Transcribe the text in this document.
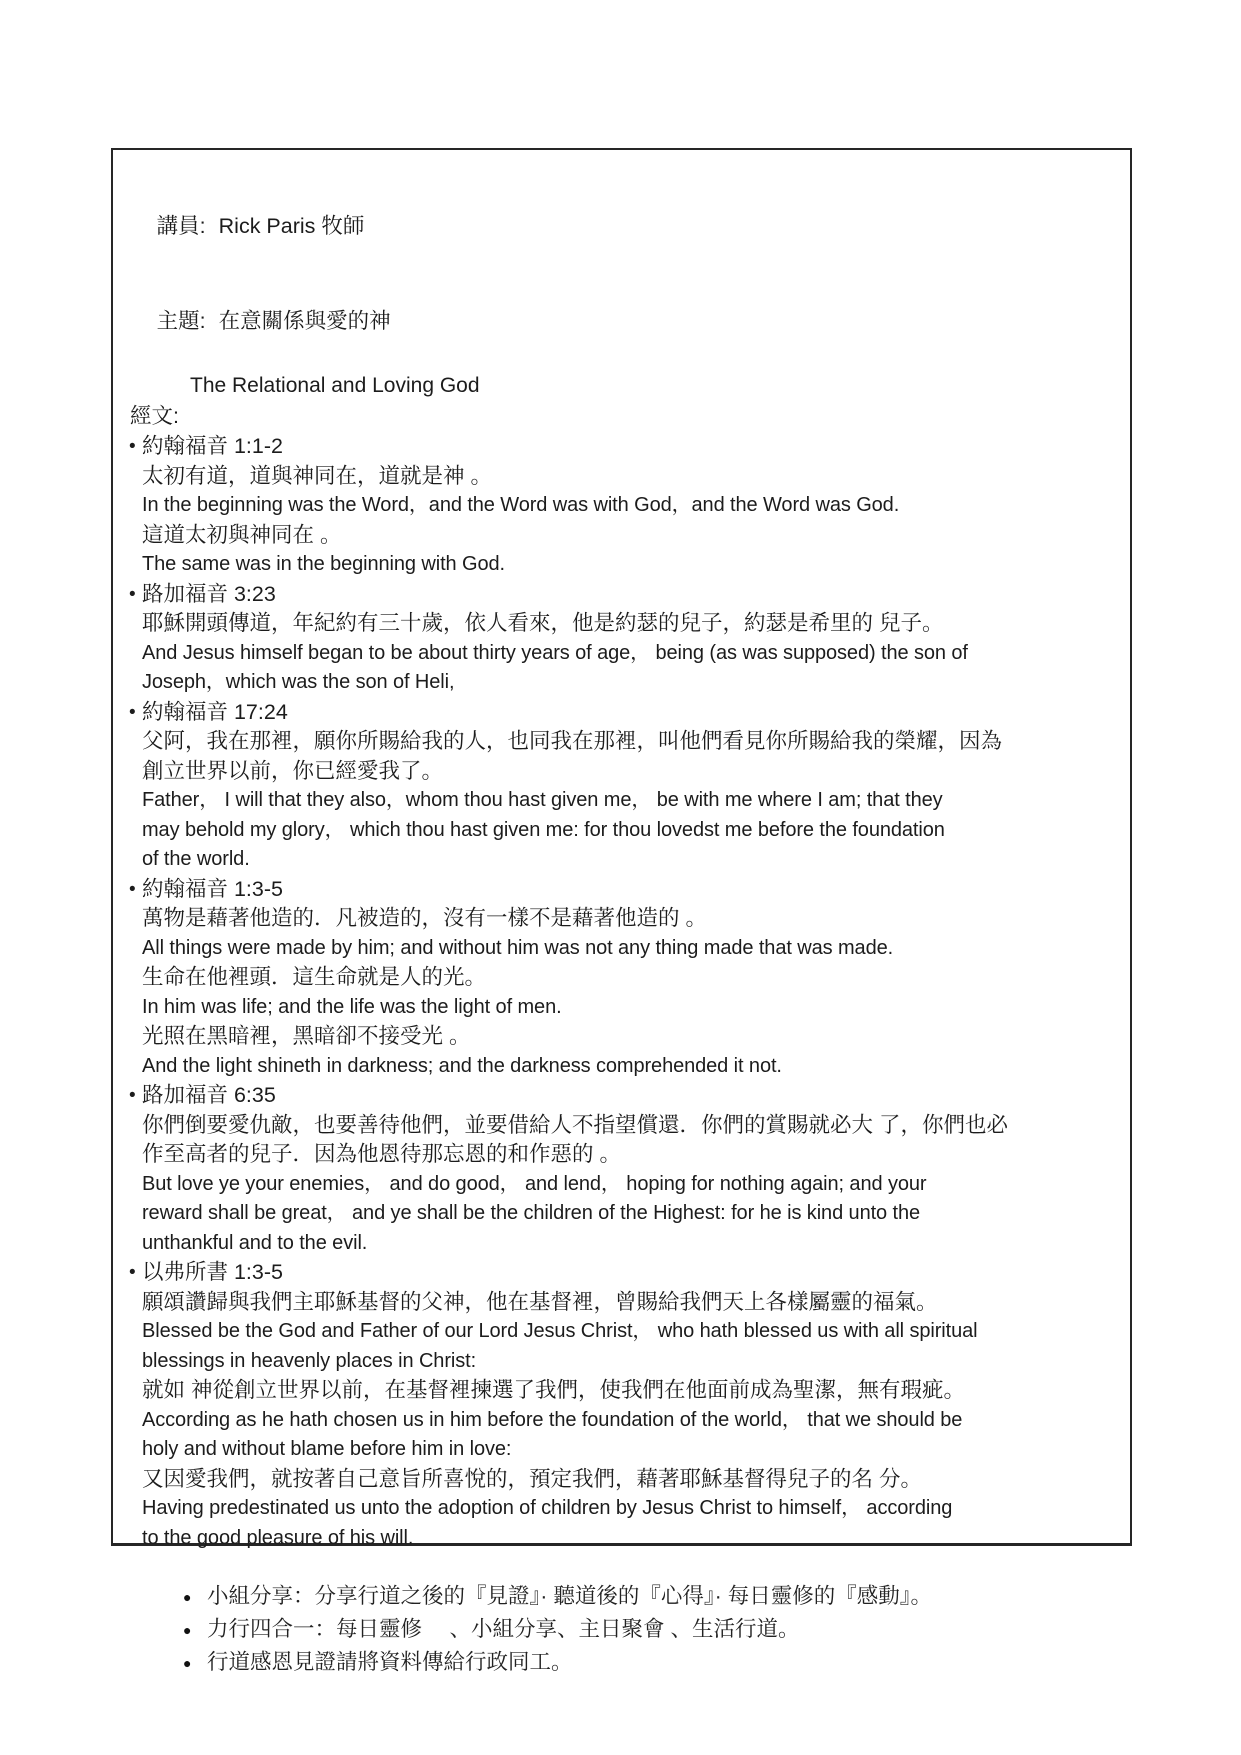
講員: Rick Paris 牧師

主題: 在意關係與愛的神

The Relational and Loving God
經文:
• 約翰福音 1:1-2
太初有道，道與神同在，道就是神 。
In the beginning was the Word，and the Word was with God，and the Word was God.
這道太初與神同在 。
The same was in the beginning with God.
• 路加福音 3:23
耶穌開頭傳道，年紀約有三十歲，依人看來，他是約瑟的兒子，約瑟是希里的 兒子。
And Jesus himself began to be about thirty years of age， being (as was supposed) the son of
Joseph，which was the son of Heli,
• 約翰福音 17:24
父阿，我在那裡，願你所賜給我的人，也同我在那裡，叫他們看見你所賜給我的榮耀，因為
創立世界以前，你已經愛我了。
Father， I will that they also，whom thou hast given me， be with me where I am; that they
may behold my glory， which thou hast given me: for thou lovedst me before the foundation
of the world.
• 約翰福音 1:3-5
萬物是藉著他造的．凡被造的，沒有一樣不是藉著他造的 。
All things were made by him; and without him was not any thing made that was made.
生命在他裡頭．這生命就是人的光。
In him was life; and the life was the light of men.
光照在黑暗裡，黑暗卻不接受光 。
And the light shineth in darkness; and the darkness comprehended it not.
• 路加福音 6:35
你們倒要愛仇敵，也要善待他們，並要借給人不指望償還．你們的賞賜就必大 了，你們也必
作至高者的兒子．因為他恩待那忘恩的和作惡的 。
But love ye your enemies， and do good， and lend， hoping for nothing again; and your
reward shall be great， and ye shall be the children of the Highest: for he is kind unto the
unthankful and to the evil.
• 以弗所書 1:3-5
願頌讚歸與我們主耶穌基督的父神，他在基督裡，曾賜給我們天上各樣屬靈的福氣。
Blessed be the God and Father of our Lord Jesus Christ， who hath blessed us with all spiritual
blessings in heavenly places in Christ:
就如 神從創立世界以前，在基督裡揀選了我們，使我們在他面前成為聖潔，無有瑕疵。
According as he hath chosen us in him before the foundation of the world， that we should be
holy and without blame before him in love:
又因愛我們，就按著自己意旨所喜悅的，預定我們，藉著耶穌基督得兒子的名 分。
Having predestinated us unto the adoption of children by Jesus Christ to himself， according
to the good pleasure of his will.
● 小組分享：分享行道之後的『見證』· 聽道後的『心得』· 每日靈修的『感動』。
● 力行四合一：每日靈修　 、小組分享、主日聚會 、生活行道。
● 行道感恩見證請將資料傳給行政同工。
